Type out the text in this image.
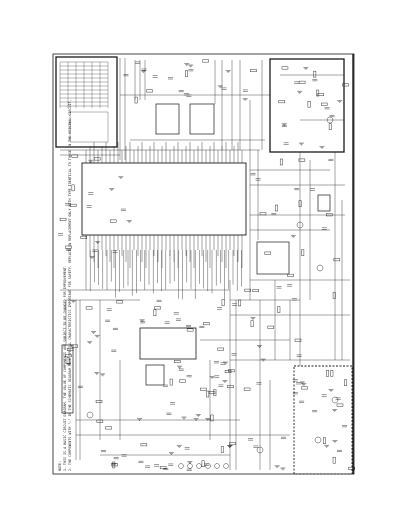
NOTE: 1. THIS IS A BASIC CIRCUIT DIAGRAM. THE VALUE OF COMPONENTS ARE SUBJECT TO BE CHANGED FOR IMPROVEMENT. 2. THE COMPONENTS WITH "⚠" IN THE SCHEMATIC DIAGRAM HAVE SPECIAL CHARACTERISTICS IMPORTANT FOR SAFETY. REPLACE IN REPLACEMENT ONLY WITH TYPE IDENTICAL TO THOSE IN THE ORIGINAL CIRCUIT.
